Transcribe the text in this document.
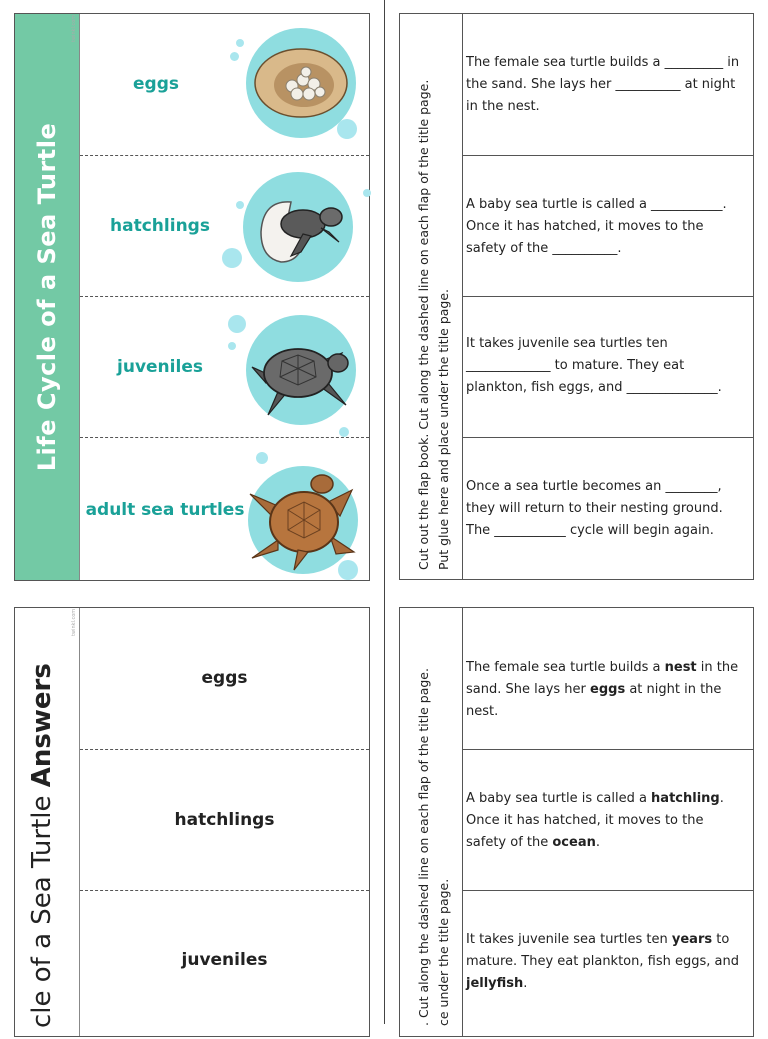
Life Cycle of a Sea Turtle
twinkl.com
eggs
hatchlings
juveniles
adult sea turtles	Cut out the flap book. Cut along the dashed line on each flap of the title page. Put glue here and place under the title page.
The female sea turtle builds a _________ in the sand. She lays her __________ at night in the nest.
A baby sea turtle is called a ___________. Once it has hatched, it moves to the safety of the __________.
It takes juvenile sea turtles ten _____________ to mature. They eat plankton, fish eggs, and ______________.
Once a sea turtle becomes an ________, they will return to their nesting ground. The ___________ cycle will begin again.
cle of a Sea Turtle Answers
twinkl.com
eggs
hatchlings
juveniles	. Cut along the dashed line on each flap of the title page. ce under the title page.
The female sea turtle builds a nest in the sand. She lays her eggs at night in the nest.
A baby sea turtle is called a hatchling. Once it has hatched, it moves to the safety of the ocean.
It takes juvenile sea turtles ten years to mature. They eat plankton, fish eggs, and jellyfish.
